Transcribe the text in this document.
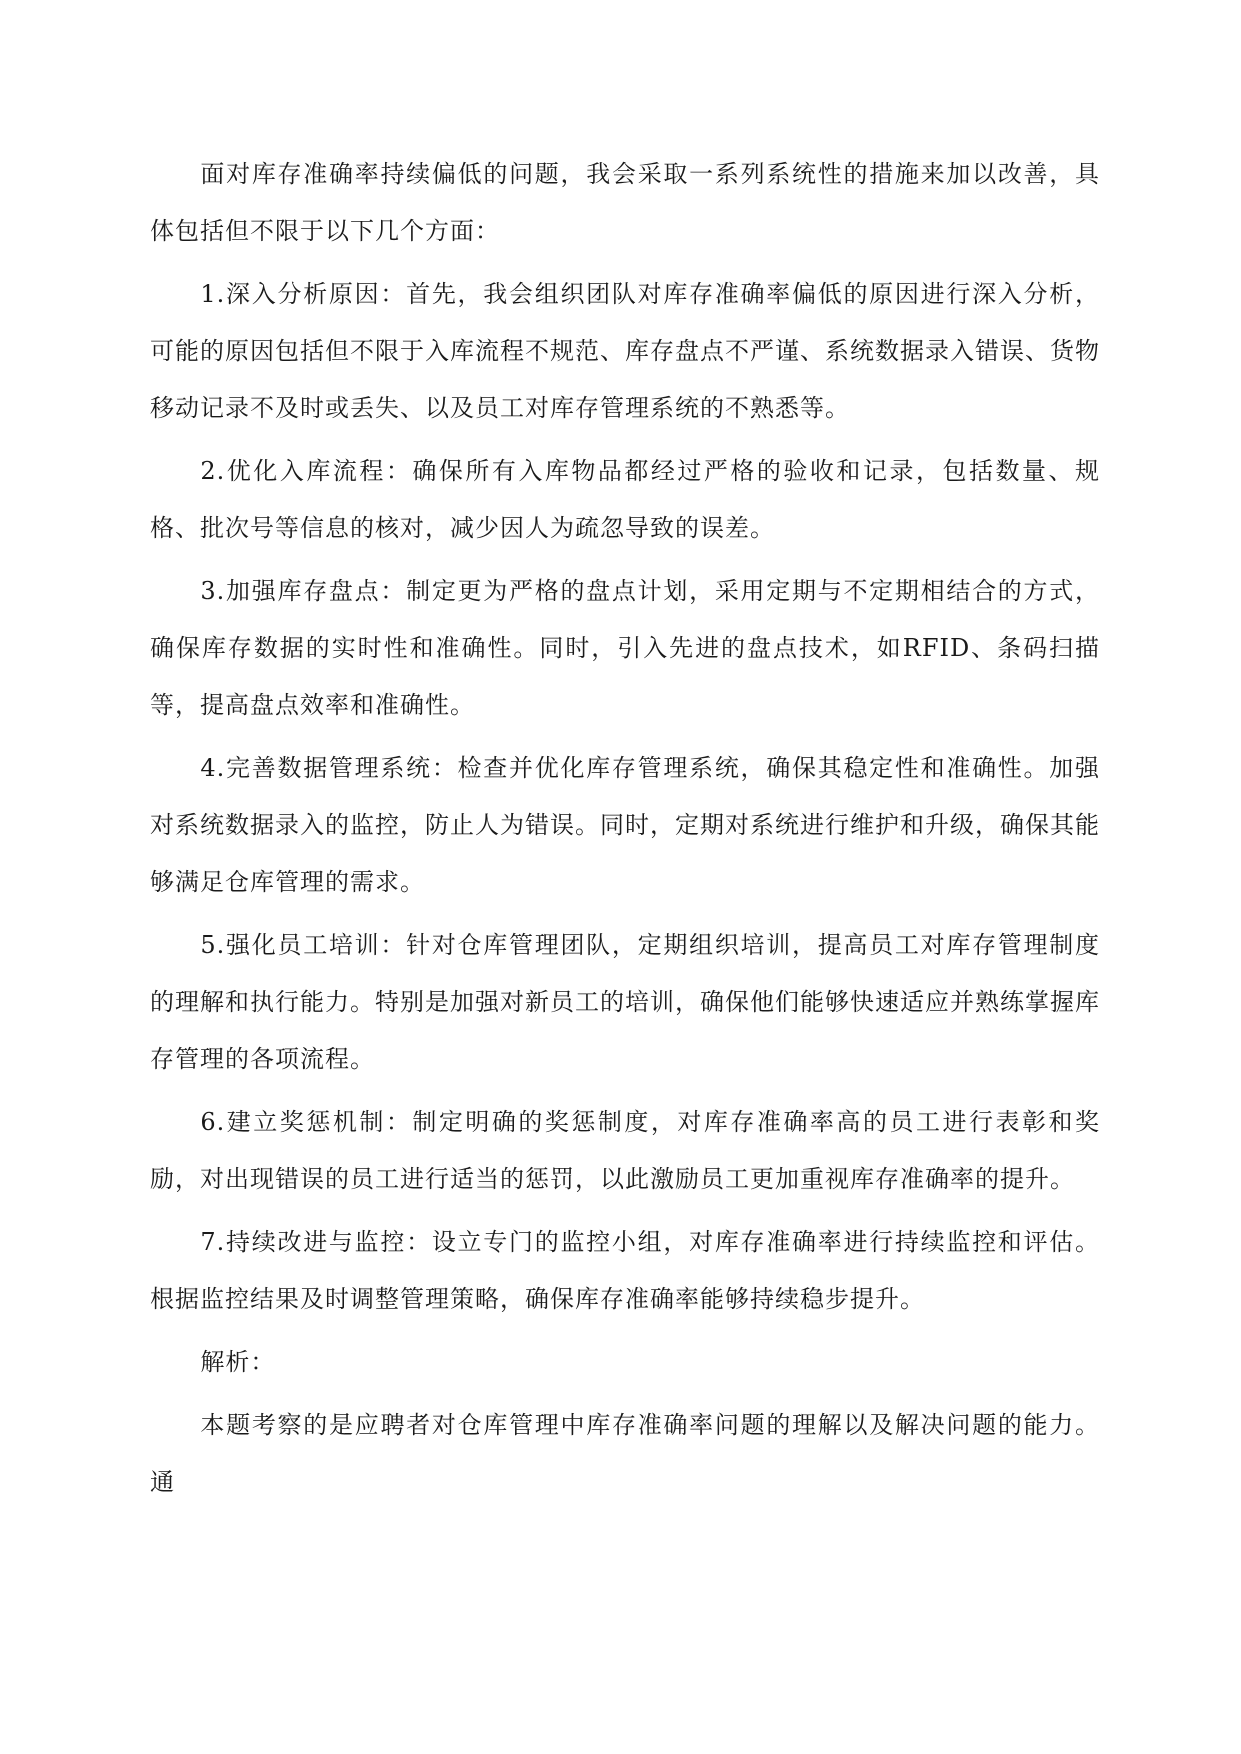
面对库存准确率持续偏低的问题，我会采取一系列系统性的措施来加以改善，具体包括但不限于以下几个方面：

1.深入分析原因：首先，我会组织团队对库存准确率偏低的原因进行深入分析，可能的原因包括但不限于入库流程不规范、库存盘点不严谨、系统数据录入错误、货物移动记录不及时或丢失、以及员工对库存管理系统的不熟悉等。

2.优化入库流程：确保所有入库物品都经过严格的验收和记录，包括数量、规格、批次号等信息的核对，减少因人为疏忽导致的误差。

3.加强库存盘点：制定更为严格的盘点计划，采用定期与不定期相结合的方式，确保库存数据的实时性和准确性。同时，引入先进的盘点技术，如RFID、条码扫描等，提高盘点效率和准确性。

4.完善数据管理系统：检查并优化库存管理系统，确保其稳定性和准确性。加强对系统数据录入的监控，防止人为错误。同时，定期对系统进行维护和升级，确保其能够满足仓库管理的需求。

5.强化员工培训：针对仓库管理团队，定期组织培训，提高员工对库存管理制度的理解和执行能力。特别是加强对新员工的培训，确保他们能够快速适应并熟练掌握库存管理的各项流程。

6.建立奖惩机制：制定明确的奖惩制度，对库存准确率高的员工进行表彰和奖励，对出现错误的员工进行适当的惩罚，以此激励员工更加重视库存准确率的提升。

7.持续改进与监控：设立专门的监控小组，对库存准确率进行持续监控和评估。根据监控结果及时调整管理策略，确保库存准确率能够持续稳步提升。

解析：

本题考察的是应聘者对仓库管理中库存准确率问题的理解以及解决问题的能力。通
